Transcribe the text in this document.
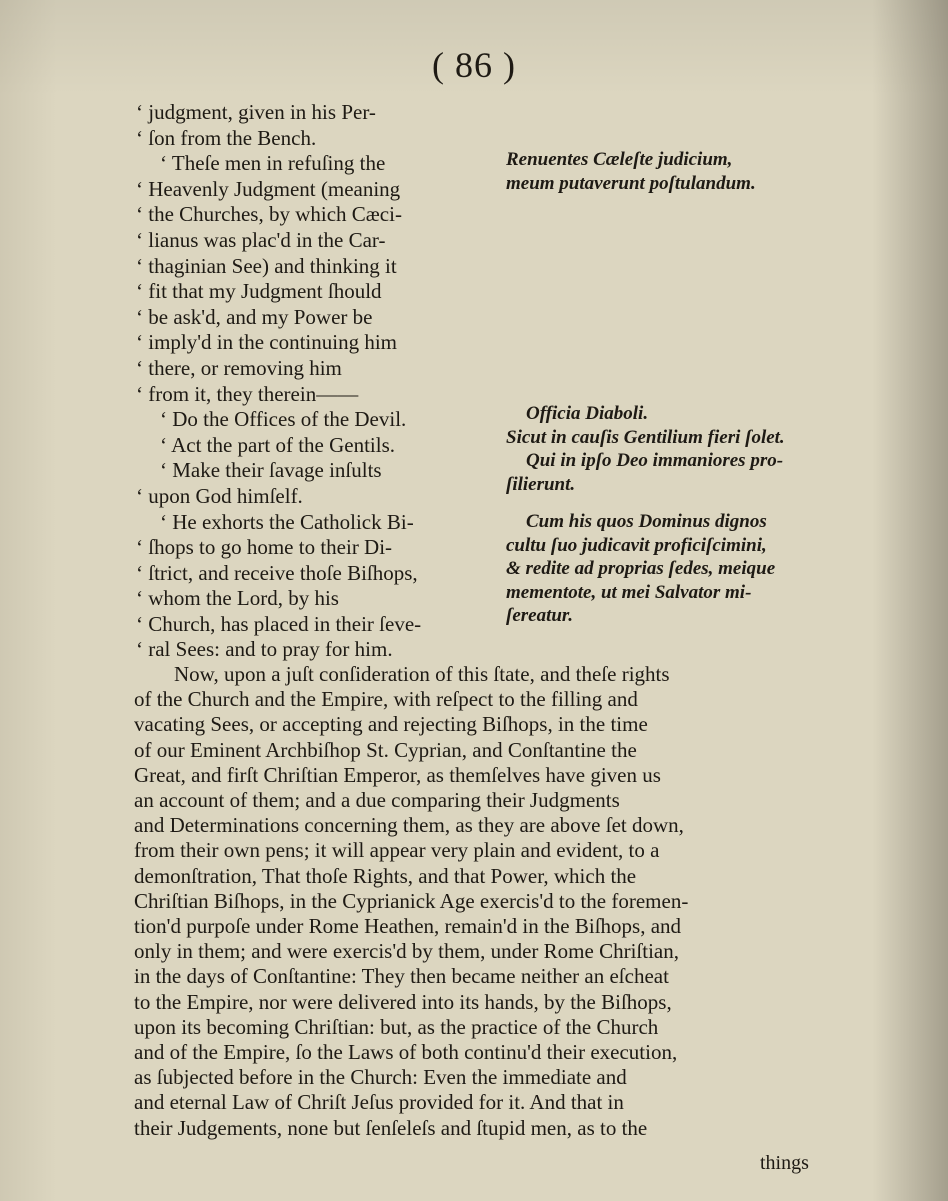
( 86 )
‘ judgment, given in his Per-
‘ ſon from the Bench.
‘ Theſe men in refuſing the
‘ Heavenly Judgment (meaning
‘ the Churches, by which Cæci-
‘ lianus was plac'd in the Car-
‘ thaginian See) and thinking it
‘ fit that my Judgment ſhould
‘ be ask'd, and my Power be
‘ imply'd in the continuing him
‘ there, or removing him
‘ from it, they therein——
‘ Do the Offices of the Devil.
‘ Act the part of the Gentils.
‘ Make their ſavage inſults
‘ upon God himſelf.
‘ He exhorts the Catholick Bi-
‘ ſhops to go home to their Di-
‘ ſtrict, and receive thoſe Biſhops,
‘ whom the Lord, by his
‘ Church, has placed in their ſeve-
‘ ral Sees: and to pray for him.
Renuentes Cæleſte judicium,
meum putaverunt poſtulandum.
Officia Diaboli.
Sicut in cauſis Gentilium fieri ſolet.
Qui in ipſo Deo immaniores pro-
ſilierunt.
Cum his quos Dominus dignos
cultu ſuo judicavit proficiſcimini,
& redite ad proprias ſedes, meique
mementote, ut mei Salvator mi-
ſereatur.
Now, upon a juſt conſideration of this ſtate, and theſe rights
of the Church and the Empire, with reſpect to the filling and
vacating Sees, or accepting and rejecting Biſhops, in the time
of our Eminent Archbiſhop St. Cyprian, and Conſtantine the
Great, and firſt Chriſtian Emperor, as themſelves have given us
an account of them; and a due comparing their Judgments
and Determinations concerning them, as they are above ſet down,
from their own pens; it will appear very plain and evident, to a
demonſtration, That thoſe Rights, and that Power, which the
Chriſtian Biſhops, in the Cyprianick Age exercis'd to the foremen-
tion'd purpoſe under Rome Heathen, remain'd in the Biſhops, and
only in them; and were exercis'd by them, under Rome Chriſtian,
in the days of Conſtantine: They then became neither an eſcheat
to the Empire, nor were delivered into its hands, by the Biſhops,
upon its becoming Chriſtian: but, as the practice of the Church
and of the Empire, ſo the Laws of both continu'd their execution,
as ſubjected before in the Church: Even the immediate and
and eternal Law of Chriſt Jeſus provided for it. And that in
their Judgements, none but ſenſeleſs and ſtupid men, as to the
things
